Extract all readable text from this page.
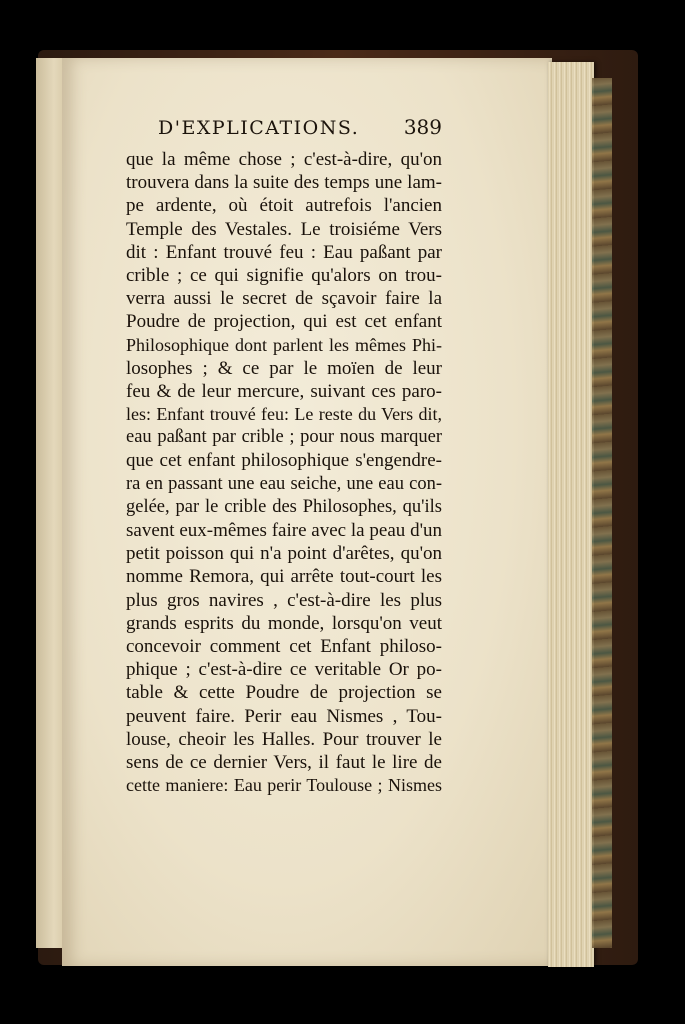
D'EXPLICATIONS. 389
que la même chose ; c'est-à-dire, qu'on
trouvera dans la suite des temps une lam-
pe ardente, où étoit autrefois l'ancien
Temple des Vestales. Le troisiéme Vers
dit : Enfant trouvé feu : Eau paßant par
crible ; ce qui signifie qu'alors on trou-
verra aussi le secret de sçavoir faire la
Poudre de projection, qui est cet enfant
Philosophique dont parlent les mêmes Phi-
losophes ; & ce par le moïen de leur
feu & de leur mercure, suivant ces paro-
les: Enfant trouvé feu: Le reste du Vers dit,
eau paßant par crible ; pour nous marquer
que cet enfant philosophique s'engendre-
ra en passant une eau seiche, une eau con-
gelée, par le crible des Philosophes, qu'ils
savent eux-mêmes faire avec la peau d'un
petit poisson qui n'a point d'arêtes, qu'on
nomme Remora, qui arrête tout-court les
plus gros navires , c'est-à-dire les plus
grands esprits du monde, lorsqu'on veut
concevoir comment cet Enfant philoso-
phique ; c'est-à-dire ce veritable Or po-
table & cette Poudre de projection se
peuvent faire. Perir eau Nismes , Tou-
louse, cheoir les Halles. Pour trouver le
sens de ce dernier Vers, il faut le lire de
cette maniere: Eau perir Toulouse ; Nismes
